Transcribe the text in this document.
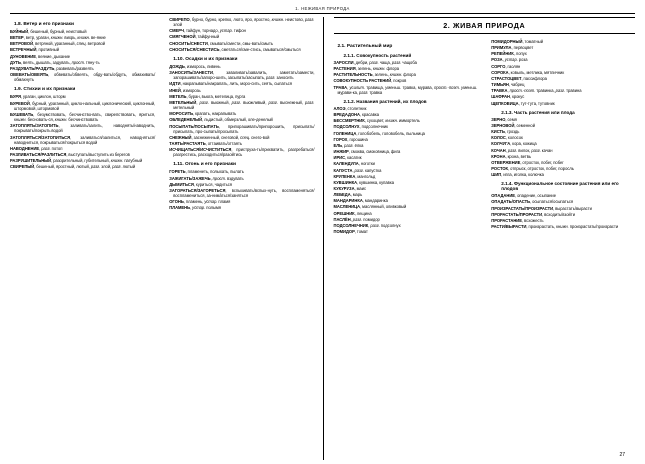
1. НЕЖИВАЯ ПРИРОДА
1.8. Ветер и его признаки

БУЙНЫЙ, бешеный, бурный, неистовый

ВЕТЕР, ветр, ураган, книжн. вихрь, книжн. ве-яние

ВЕТРОВОЙ, ветряной, ураганный, спец. ветровой

ВСТРЕЧНЫЙ, противный

ДУНОВЕНИЕ, веяние, дыхание

ДУТЬ, веять, дышать, задувать, прост. тяну-ть

РАЗДУВАТЬ/РАЗДУТЬ, развевать/развеять

ОВЕВАТЬ/ОВЕЯТЬ, обвевать/обвеять, обду-вать/обдуть, обмахивать/обмахнуть

1.9. Стихии и их признаки

БУРЯ, ураган, циклон, шторм

БУРЕВОЙ, бурный, ураганный, цикло-нальный, циклонический, циклонный, штормовой, штормовой

БУШЕВАТЬ, безумствовать, бесчинство-вать, свирепствовать, яриться, книжн. бесновать-ся, книжн. бесчинствовать

ЗАТОПЛЯТЬ/ЗАТОПИТЬ, заливать/залить, наводнять/наводнить, покрывать/покрыть водой

ЗАТОПЛЯТЬСЯ/ЗАТОПИТЬСЯ, заливаться/залиться, наводняться/наводниться, покрываться/покрыться водой

НАВОДНЕНИЕ, разг. потоп

РАЗЛИВАТЬСЯ/РАЗЛИТЬСЯ, выступать/выступить из берегов

РАЗРУШИТЕЛЬНЫЙ, разорительный, губительный, книжн. пагубный

СВИРЕПЫЙ, бешеный, яростный, лютый, разг. злой, разг. лютый

СВИРЕПО, бурно, бурно, крепко, люто, яро, яростно, книжн. неистово, разг. злой

СМЕРЧ, тайфун, торнадо, устар. тифон

СМЯГЧЕНОЙ, тайфунный

СНОСИТЬ/СНЕСТИ, смывать/смести, смы-вать/смыть

СНОСИТЬСЯ/СНЕСТИСЬ, сметаться/сме-стись, смываться/смыться

1.10. Осадки и их признаки

ДОЖДЬ, изморось, ливень

ЗАНОСИТЬ/ЗАНЕСТИ, заваливать/завалить, заметать/замести, запорашивать/запоро-шить, засыпать/засыпать, разг. заносить

ИДТИ, накрапывать/накрапать, лить, моро-сить, сеять, сыпаться

ИНЕЙ, изморозь

МЕТЕЛЬ, буран, вьюга, метелица, пурга

МЕТЕЛЬНЫЙ, разг. вьюжный, разг. вьюжливый, разг. выснежный, разг. метельный

МОРОСИТЬ, крапать, накрапывать

ОБЛЕДЕНЕЛЫЙ, льдистый, обмерзлый, оле-денелый

ПОСЫПАТЬ/ПОСЫПАТЬ, припорашивать/припорошить, присыпать/присыпать, про-сыпать/просыпать

СНЕЖНЫЙ, заснеженный, снеговой, спец. снего-вой

ТАЯТЬ/РАСТАЯТЬ, оттаивать/оттаять

ИСЧИЩАТЬСЯ/ИСЧИСТИТЬСЯ, приструха-ть/прихватить, разгребаться/разгрестись, расходиться/разойтись

1.11. Огонь и его признаки

ГОРЕТЬ, пламенеть, полыхать, пылать

ЗАЖИГАТЬ/ЗАЖЕЧЬ, прост. вздувать

ДЫМИТЬСЯ, куриться, чадиться

ЗАГОРАТЬСЯ/ЗАГОРЕТЬСЯ, вспыхивать/вспых-нуть, воспламеняться/воспламениться, за-нима́ться/заняться

ОГОНЬ, пламень, устар. пламя

ПЛАМЕНЬ, устар. полымя

2. ЖИВАЯ ПРИРОДА
2.1. Растительный мир
2.1.1. Совокупность растений

ЗАРОСЛИ, дебри, разг. чаща, разг. чащоба

РАСТЕНИЯ, зелень, книжн. флора

РАСТИТЕЛЬНОСТЬ, зелень, книжн. флора

СОВОКУПНОСТЬ РАСТЕНИЙ, покров

ТРАВА, усилит. травища, уменьш. травка, мурава, прост.-поэт. уменьш. мурави-ка, разг. травка

2.1.2. Названия растений, их плодов

АЛОЭ, столетник

ВРЕДАДОНА, красавка

БЕССМЕРТНИК, сухоцвет, книжн. иммортель

ПОДСОЛНУХ, подсолнечник

ГОЛЕНИЦА, голобобель, головобель, пыльница

ГОРОХ, горошина

ЕЛЬ, разг. ёлка

ИНЖИР, смоква, смоковница, фига

ИРИС, касатик

КАЛЕНДУЛА, ноготки

КАПУСТА, разг. капустка

КРУПЕНКА, мангольд

КУВШИНКА, кувшинка, купавка

КУКУРУЗА, маис

ЛЕБЕДА, марь

МАНДАРИНКА, мандаринка

МАСЛЕНИЦА, маслянный, оливковый

ОРЕШНИК, лещина

ПАСЛЁН, разг. помидор

ПОДСОЛНЕЧНИК, разг. подсолнух

ПОМИДОР, томат

ПОМИДОРНЫЙ, томатный

ПРИМУЛА, первоцвет

РЕПЕЙНИК, лопух

РОЗА, устар. роза

СОРГО, гаолян

СОРОКА, ковыль, метлика, мятличник

СТРАСТОЦВЕТ, пассифлора

ТИМЬЯН, чабрец

ТРАВКА, прост.-поэт. травинка, разг. травина

ШАФРАН, крокус

ЩЕПКОВИЦА, тут-тута, тутовник

2.1.3. Часть растения или плода

ЗЕРНО, семя

ЗЕРНОВОЙ, семенной

КИСТЬ, гроздь

КОЛОС, колосок

КОЛЧУГА, кора, кожица

КОЧАН, разг. вилок, разг. качан

КРОНА, крона, ветвь

ОТВЕРЖЕНИЕ, отросток, побег, побег

РОСТОК, отпрыск, отросток, побег, поросль

ШИП, игла, иголка, колючка

2.1.4. Функциональное состояние растения или его плодов

ОПАДАНИЕ, опадение, осыпание

ОПАДАТЬ/ОПАСТЬ, осыпаться/осыпаться

ПРОИЗРАСТАТЬ/ПРОИЗРАСТИ, вырастать/вырасти

ПРОРАСТАТЬ/ПРОРАСТИ, всходить/взойти

ПРОРАСТАНИЕ, всхожесть

РАСТИ/ВЫРАСТИ, произрастать, книжн. произрастать/произрасти

27
